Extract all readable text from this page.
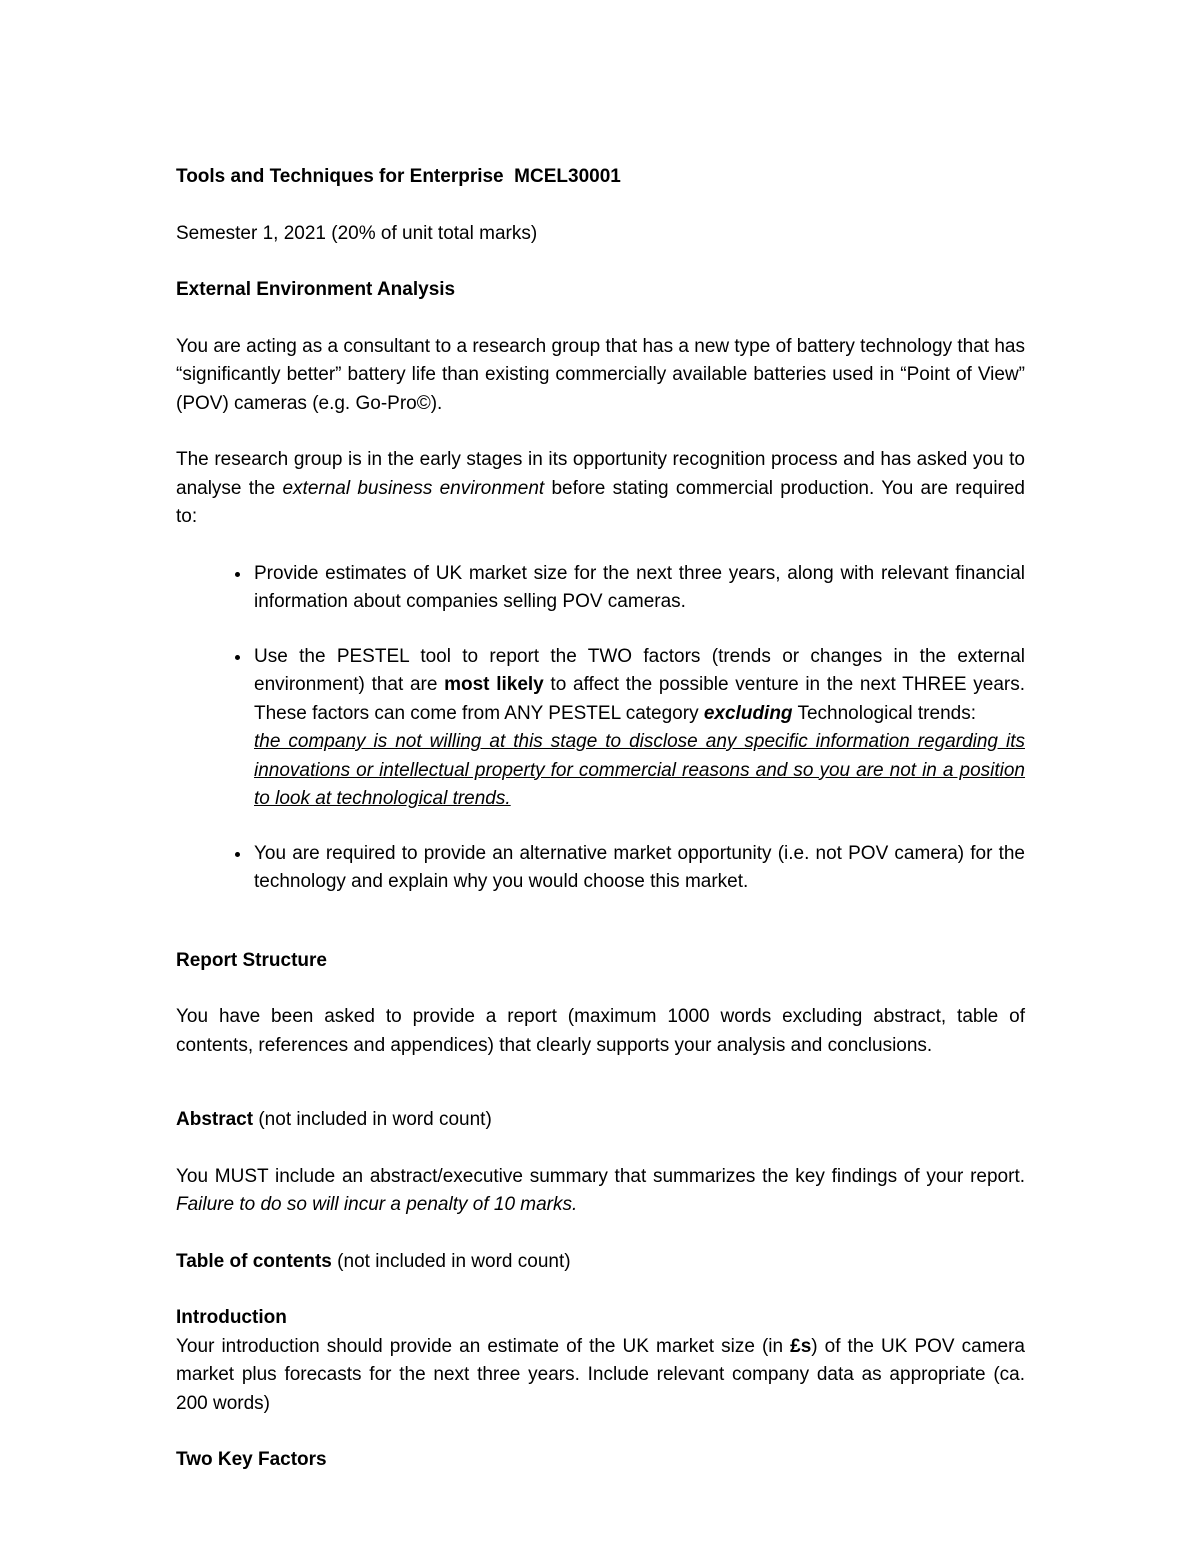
Tools and Techniques for Enterprise  MCEL30001

Semester 1, 2021 (20% of unit total marks)

External Environment Analysis

You are acting as a consultant to a research group that has a new type of battery technology that has “significantly better” battery life than existing commercially available batteries used in “Point of View” (POV) cameras (e.g. Go-Pro©).

The research group is in the early stages in its opportunity recognition process and has asked you to analyse the external business environment before stating commercial production. You are required to:

• Provide estimates of UK market size for the next three years, along with relevant financial information about companies selling POV cameras.
• Use the PESTEL tool to report the TWO factors (trends or changes in the external environment) that are most likely to affect the possible venture in the next THREE years. These factors can come from ANY PESTEL category excluding Technological trends:
the company is not willing at this stage to disclose any specific information regarding its innovations or intellectual property for commercial reasons and so you are not in a position to look at technological trends.
• You are required to provide an alternative market opportunity (i.e. not POV camera) for the technology and explain why you would choose this market.

Report Structure

You have been asked to provide a report (maximum 1000 words excluding abstract, table of contents, references and appendices) that clearly supports your analysis and conclusions.

Abstract (not included in word count)

You MUST include an abstract/executive summary that summarizes the key findings of your report. Failure to do so will incur a penalty of 10 marks.

Table of contents (not included in word count)

Introduction

Your introduction should provide an estimate of the UK market size (in £s) of the UK POV camera market plus forecasts for the next three years. Include relevant company data as appropriate (ca. 200 words)

Two Key Factors
